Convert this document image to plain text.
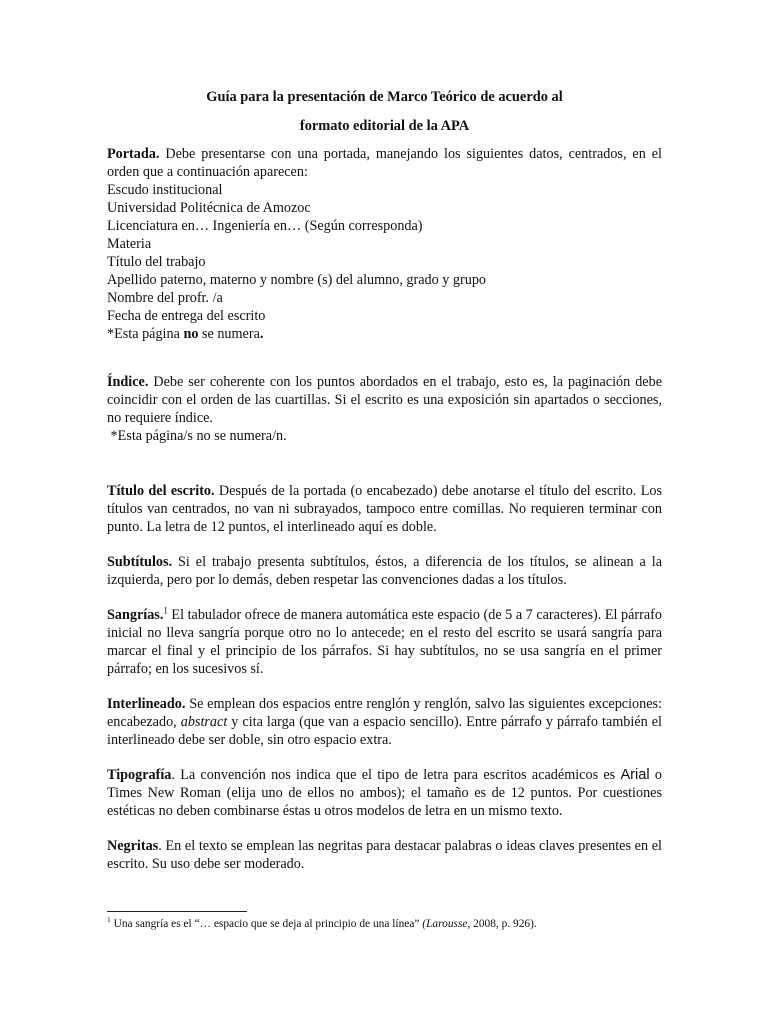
Guía para la presentación de Marco Teórico de acuerdo al
formato editorial de la APA

Portada. Debe presentarse con una portada, manejando los siguientes datos, centrados, en el orden que a continuación aparecen:

Escudo institucional
Universidad Politécnica de Amozoc
Licenciatura en… Ingeniería en… (Según corresponda)
Materia
Título del trabajo
Apellido paterno, materno y nombre (s) del alumno, grado y grupo
Nombre del profr. /a
Fecha de entrega del escrito
*Esta página no se numera.

Índice. Debe ser coherente con los puntos abordados en el trabajo, esto es, la paginación debe coincidir con el orden de las cuartillas. Si el escrito es una exposición sin apartados o secciones, no requiere índice.

*Esta página/s no se numera/n.

Título del escrito. Después de la portada (o encabezado) debe anotarse el título del escrito. Los títulos van centrados, no van ni subrayados, tampoco entre comillas. No requieren terminar con punto. La letra de 12 puntos, el interlineado aquí es doble.

Subtítulos. Si el trabajo presenta subtítulos, éstos, a diferencia de los títulos, se alinean a la izquierda, pero por lo demás, deben respetar las convenciones dadas a los títulos.

Sangrías.$^1$ El tabulador ofrece de manera automática este espacio (de 5 a 7 caracteres). El párrafo inicial no lleva sangría porque otro no lo antecede; en el resto del escrito se usará sangría para marcar el final y el principio de los párrafos. Si hay subtítulos, no se usa sangría en el primer párrafo; en los sucesivos sí.

Interlineado. Se emplean dos espacios entre renglón y renglón, salvo las siguientes excepciones: encabezado, abstract y cita larga (que van a espacio sencillo). Entre párrafo y párrafo también el interlineado debe ser doble, sin otro espacio extra.

Tipografía. La convención nos indica que el tipo de letra para escritos académicos es Arial o Times New Roman (elija uno de ellos no ambos); el tamaño es de 12 puntos. Por cuestiones estéticas no deben combinarse éstas u otros modelos de letra en un mismo texto.

Negritas. En el texto se emplean las negritas para destacar palabras o ideas claves presentes en el escrito. Su uso debe ser moderado.

$^1$ Una sangría es el “… espacio que se deja al principio de una línea” (Larousse, 2008, p. 926).
